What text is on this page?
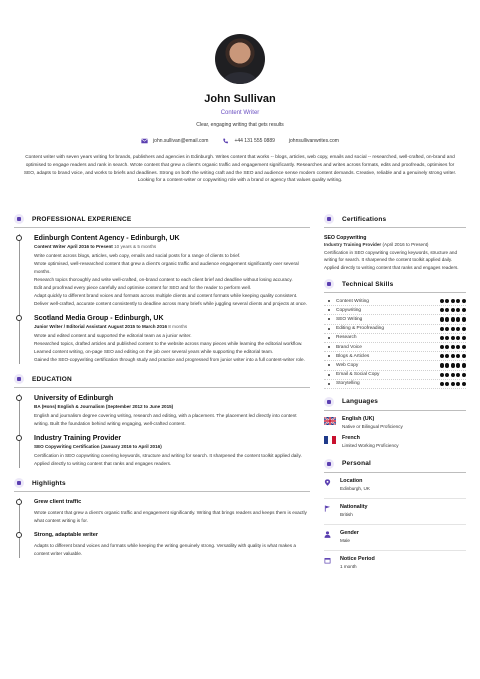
John Sullivan
Content Writer
Clear, engaging writing that gets results
john.sullivan@email.com	+44 131 555 0889	johnsullivanwrites.com
Content writer with seven years writing for brands, publishers and agencies in Edinburgh. Writes content that works -- blogs, articles, web copy, emails and social -- researched, well-crafted, on-brand and optimised to engage readers and rank in search. Wrote content that grew a client's organic traffic and engagement significantly. Researches and writes across formats, edits and proofreads, optimises for SEO, adapts to brand voice, and works to briefs and deadlines. Strong on both the writing craft and the SEO and audience sense modern content demands. Creative, reliable and a genuinely strong writer. Looking for a content-writer or copywriting role with a brand or agency that values quality writing.
PROFESSIONAL EXPERIENCE
Edinburgh Content Agency - Edinburgh, UK
Content Writer April 2016 to Present 10 years & 5 months

Write content across blogs, articles, web copy, emails and social posts for a range of clients to brief.

Wrote optimised, well-researched content that grew a client's organic traffic and audience engagement significantly over several months.

Research topics thoroughly and write well-crafted, on-brand content to each client brief and deadline without losing accuracy.

Edit and proofread every piece carefully and optimise content for SEO and for the reader to perform well.

Adapt quickly to different brand voices and formats across multiple clients and content formats while keeping quality consistent.

Deliver well-crafted, accurate content consistently to deadline across many briefs while juggling several clients and projects at once.

Scotland Media Group - Edinburgh, UK
Junior Writer / Editorial Assistant August 2015 to March 2016 8 months

Wrote and edited content and supported the editorial team as a junior writer.

Researched topics, drafted articles and published content to the website across many pieces while learning the editorial workflow.

Learned content writing, on-page SEO and editing on the job over several years while supporting the editorial team.

Gained the SEO-copywriting certification through study and practice and progressed from junior writer into a full content-writer role.

EDUCATION
University of Edinburgh
BA (Hons) English & Journalism (September 2012 to June 2015)
English and journalism degree covering writing, research and editing, with a placement. The placement led directly into content writing. Built the foundation behind writing engaging, well-crafted content.
Industry Training Provider
SEO Copywriting Certification (January 2016 to April 2016)
Certification in SEO copywriting covering keywords, structure and writing for search. It sharpened the content toolkit applied daily. Applied directly to writing content that ranks and engages readers.
Highlights
Grew client traffic
Wrote content that grew a client's organic traffic and engagement significantly. Writing that brings readers and keeps them is exactly what content writing is for.
Strong, adaptable writer
Adapts to different brand voices and formats while keeping the writing genuinely strong. Versatility with quality is what makes a content writer valuable.
Certifications
SEO Copywriting
Industry Training Provider (April 2016 to Present)
Certification in SEO copywriting covering keywords, structure and writing for search. It sharpened the content toolkit applied daily. Applied directly to writing content that ranks and engages readers.
Technical Skills
Content Writing
Copywriting
SEO Writing
Editing & Proofreading
Research
Brand Voice
Blogs & Articles
Web Copy
Email & Social Copy
Storytelling
Languages
English (UK)
Native or Bilingual Proficiency
French
Limited Working Proficiency
Personal
Location
Edinburgh, UK
Nationality
British
Gender
Male
Notice Period
1 month
